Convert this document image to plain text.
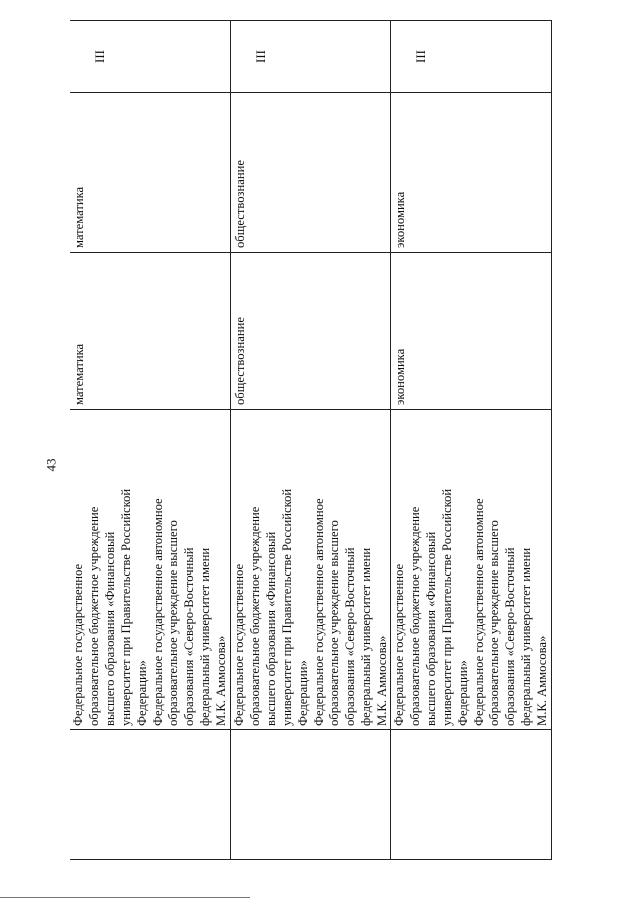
43
Федеральное государственное
образовательное бюджетное учреждение
высшего образования «Финансовый
университет при Правительстве Российской
Федерации»
Федеральное государственное автономное
образовательное учреждение высшего
образования «Северо-Восточный
федеральный университет имени
М.К. Аммосова»
математика
математика
III
Федеральное государственное
образовательное бюджетное учреждение
высшего образования «Финансовый
университет при Правительстве Российской
Федерации»
Федеральное государственное автономное
образовательное учреждение высшего
образования «Северо-Восточный
федеральный университет имени
М.К. Аммосова»
обществознание
обществознание
III
Федеральное государственное
образовательное бюджетное учреждение
высшего образования «Финансовый
университет при Правительстве Российской
Федерации»
Федеральное государственное автономное
образовательное учреждение высшего
образования «Северо-Восточный
федеральный университет имени
М.К. Аммосова»
экономика
экономика
III
